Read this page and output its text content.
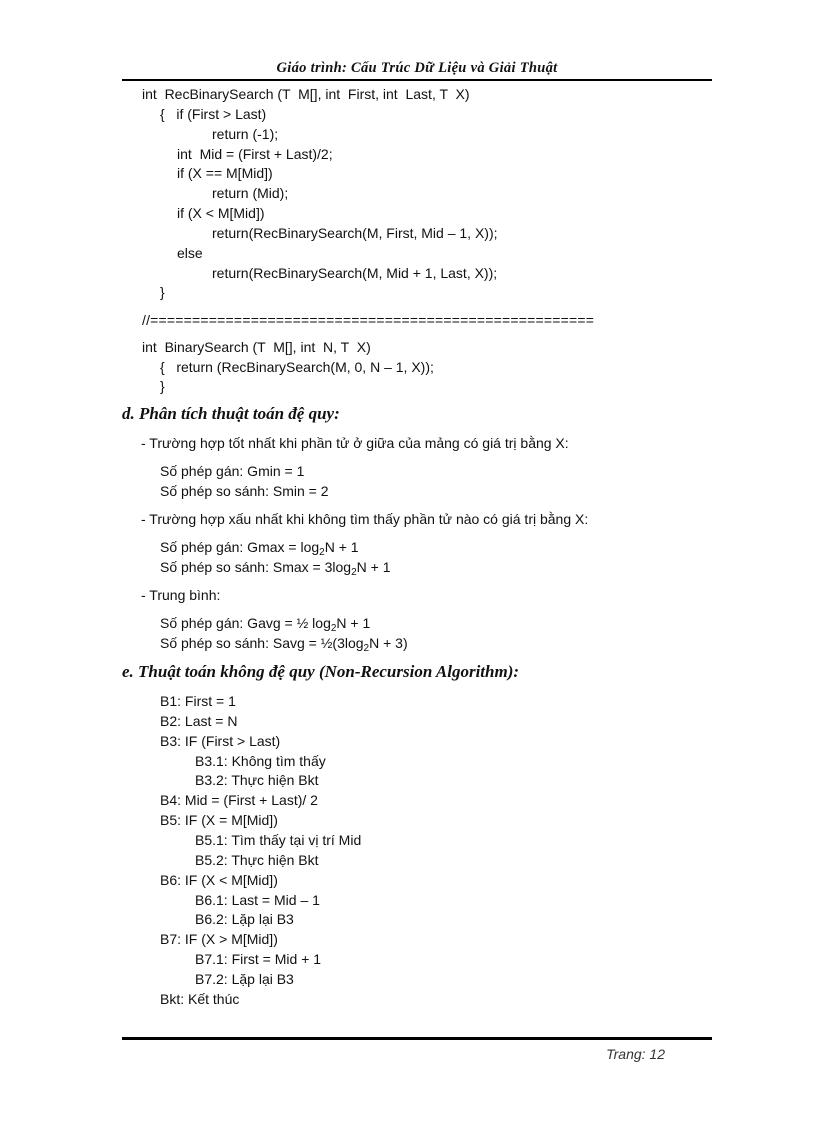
Giáo trình: Cấu Trúc Dữ Liệu và Giải Thuật
int  RecBinarySearch (T  M[], int  First, int  Last, T  X)
{   if (First > Last)
return (-1);
int  Mid = (First + Last)/2;
if (X == M[Mid])
return (Mid);
if (X < M[Mid])
return(RecBinarySearch(M, First, Mid – 1, X));
else
return(RecBinarySearch(M, Mid + 1, Last, X));
}
//=====================================================
int  BinarySearch (T  M[], int  N, T  X)
{   return (RecBinarySearch(M, 0, N – 1, X));
}
d. Phân tích thuật toán đệ quy:
- Trường hợp tốt nhất khi phần tử ở giữa của mảng có giá trị bằng X:
Số phép gán: Gmin = 1
Số phép so sánh: Smin = 2
- Trường hợp xấu nhất khi không tìm thấy phần tử nào có giá trị bằng X:
Số phép gán: $Gmax = \log_2N + 1$
Số phép so sánh: $Smax = 3\log_2N + 1$
- Trung bình:
Số phép gán: Gavg = ½ $\log_2N + 1$
Số phép so sánh: Savg = $\frac{1}{2}(3\log_2N + 3)$
e. Thuật toán không đệ quy (Non-Recursion Algorithm):
B1: First = 1
B2: Last = N
B3: IF (First > Last)
B3.1: Không tìm thấy
B3.2: Thực hiện Bkt
B4: Mid = (First + Last)/ 2
B5: IF (X = M[Mid])
B5.1: Tìm thấy tại vị trí Mid
B5.2: Thực hiện Bkt
B6: IF (X < M[Mid])
B6.1: Last = Mid – 1
B6.2: Lặp lại B3
B7: IF (X > M[Mid])
B7.1: First = Mid + 1
B7.2: Lặp lại B3
Bkt: Kết thúc
Trang: 12
